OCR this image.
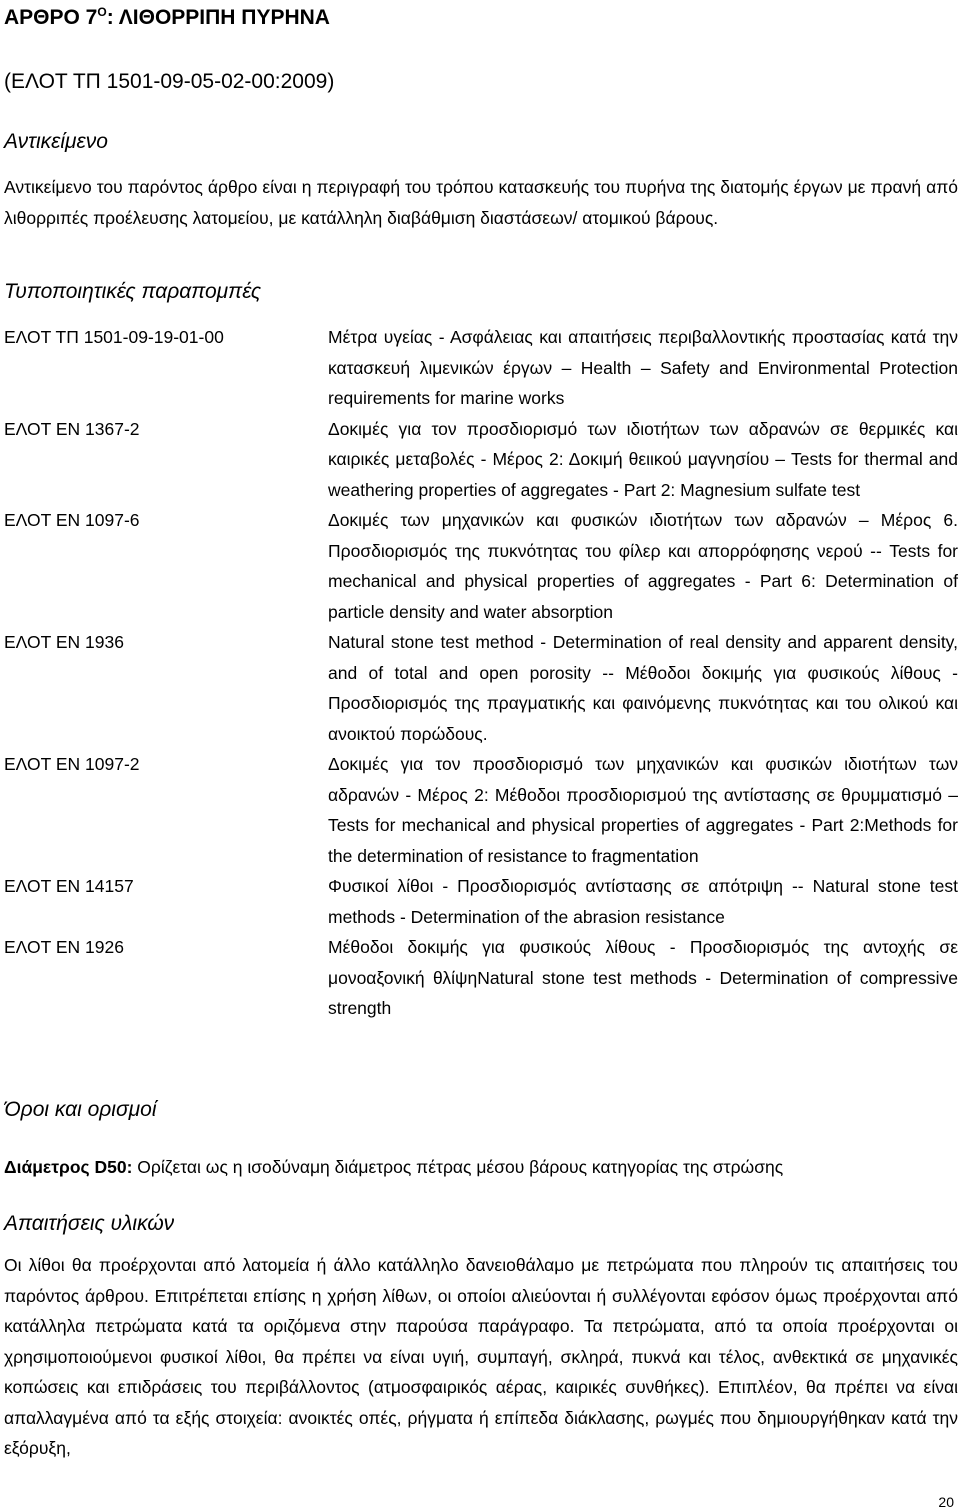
ΑΡΘΡΟ $7^O$: ΛΙΘΟΡΡΙΠΗ ΠΥΡΗΝΑ
(ΕΛΟΤ ΤΠ 1501-09-05-02-00:2009)
Αντικείμενο
Αντικείμενο του παρόντος άρθρο είναι η περιγραφή του τρόπου κατασκευής του πυρήνα της διατομής έργων με πρανή από λιθορριπές προέλευσης λατομείου, με κατάλληλη διαβάθμιση διαστάσεων/ ατομικού βάρους.
Τυποποιητικές παραπομπές
ΕΛΟΤ ΤΠ 1501-09-19-01-00	Μέτρα υγείας - Ασφάλειας και απαιτήσεις περιβαλλοντικής προστασίας κατά την κατασκευή λιμενικών έργων – Health – Safety and Environmental Protection requirements for marine works
ΕΛΟΤ EN 1367-2	Δοκιμές για τον προσδιορισμό των ιδιοτήτων των αδρανών σε θερμικές και καιρικές μεταβολές - Μέρος 2: Δοκιμή θειικού μαγνησίου – Tests for thermal and weathering properties of aggregates - Part 2: Magnesium sulfate test
ΕΛΟΤ EN 1097-6	Δοκιμές των μηχανικών και φυσικών ιδιοτήτων των αδρανών – Μέρος 6. Προσδιορισμός της πυκνότητας του φίλερ και απορρόφησης νερού -- Tests for mechanical and physical properties of aggregates - Part 6: Determination of particle density and water absorption
ΕΛΟΤ EN 1936	Natural stone test method - Determination of real density and apparent density, and of total and open porosity -- Μέθοδοι δοκιμής για φυσικούς λίθους - Προσδιορισμός της πραγματικής και φαινόμενης πυκνότητας και του ολικού και ανοικτού πορώδους.
ΕΛΟΤ EN 1097-2	Δοκιμές για τον προσδιορισμό των μηχανικών και φυσικών ιδιοτήτων των αδρανών - Μέρος 2: Μέθοδοι προσδιορισμού της αντίστασης σε θρυμματισμό – Tests for mechanical and physical properties of aggregates - Part 2:Methods for the determination of resistance to fragmentation
ΕΛΟΤ EN 14157	Φυσικοί λίθοι - Προσδιορισμός αντίστασης σε απότριψη -- Natural stone test methods - Determination of the abrasion resistance
ΕΛΟΤ EN 1926	Μέθοδοι δοκιμής για φυσικούς λίθους - Προσδιορισμός της αντοχής σε μονοαξονική θλίψηNatural stone test methods - Determination of compressive strength
Όροι και ορισμοί
Διάμετρος D50: Ορίζεται ως η ισοδύναμη διάμετρος πέτρας μέσου βάρους κατηγορίας της στρώσης
Απαιτήσεις υλικών
Οι λίθοι θα προέρχονται από λατομεία ή άλλο κατάλληλο δανειοθάλαμο με πετρώματα που πληρούν τις απαιτήσεις του παρόντος άρθρου. Επιτρέπεται επίσης η χρήση λίθων, οι οποίοι αλιεύονται ή συλλέγονται εφόσον όμως προέρχονται από κατάλληλα πετρώματα κατά τα οριζόμενα στην παρούσα παράγραφο. Τα πετρώματα, από τα οποία προέρχονται οι χρησιμοποιούμενοι φυσικοί λίθοι, θα πρέπει να είναι υγιή, συμπαγή, σκληρά, πυκνά και τέλος, ανθεκτικά σε μηχανικές κοπώσεις και επιδράσεις του περιβάλλοντος (ατμοσφαιρικός αέρας, καιρικές συνθήκες). Επιπλέον, θα πρέπει να είναι απαλλαγμένα από τα εξής στοιχεία: ανοικτές οπές, ρήγματα ή επίπεδα διάκλασης, ρωγμές που δημιουργήθηκαν κατά την εξόρυξη,
20
